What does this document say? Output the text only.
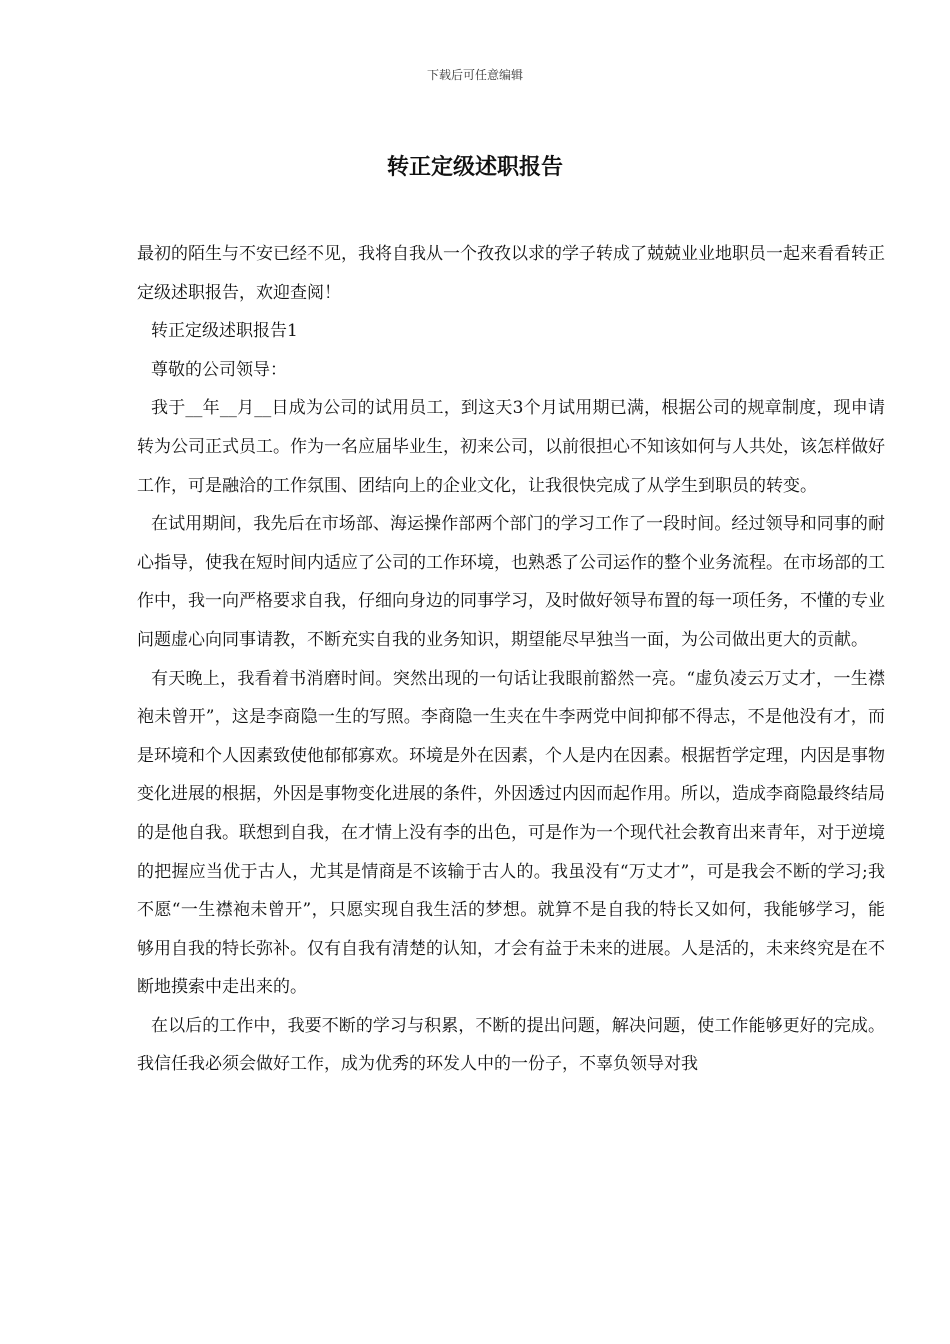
下载后可任意编辑
转正定级述职报告

最初的陌生与不安已经不见，我将自我从一个孜孜以求的学子转成了兢兢业业地职员一起来看看转正定级述职报告，欢迎查阅！

转正定级述职报告1

尊敬的公司领导：

我于__年__月__日成为公司的试用员工，到这天3个月试用期已满，根据公司的规章制度，现申请转为公司正式员工。作为一名应届毕业生，初来公司，以前很担心不知该如何与人共处，该怎样做好工作，可是融洽的工作氛围、团结向上的企业文化，让我很快完成了从学生到职员的转变。

在试用期间，我先后在市场部、海运操作部两个部门的学习工作了一段时间。经过领导和同事的耐心指导，使我在短时间内适应了公司的工作环境，也熟悉了公司运作的整个业务流程。在市场部的工作中，我一向严格要求自我，仔细向身边的同事学习，及时做好领导布置的每一项任务，不懂的专业问题虚心向同事请教，不断充实自我的业务知识，期望能尽早独当一面，为公司做出更大的贡献。

有天晚上，我看着书消磨时间。突然出现的一句话让我眼前豁然一亮。“虚负凌云万丈才，一生襟袍未曾开”，这是李商隐一生的写照。李商隐一生夹在牛李两党中间抑郁不得志，不是他没有才，而是环境和个人因素致使他郁郁寡欢。环境是外在因素，个人是内在因素。根据哲学定理，内因是事物变化进展的根据，外因是事物变化进展的条件，外因透过内因而起作用。所以，造成李商隐最终结局的是他自我。联想到自我，在才情上没有李的出色，可是作为一个现代社会教育出来青年，对于逆境的把握应当优于古人，尤其是情商是不该输于古人的。我虽没有“万丈才”，可是我会不断的学习;我不愿“一生襟袍未曾开”，只愿实现自我生活的梦想。就算不是自我的特长又如何，我能够学习，能够用自我的特长弥补。仅有自我有清楚的认知，才会有益于未来的进展。人是活的，未来终究是在不断地摸索中走出来的。

在以后的工作中，我要不断的学习与积累，不断的提出问题，解决问题，使工作能够更好的完成。我信任我必须会做好工作，成为优秀的环发人中的一份子，不辜负领导对我
